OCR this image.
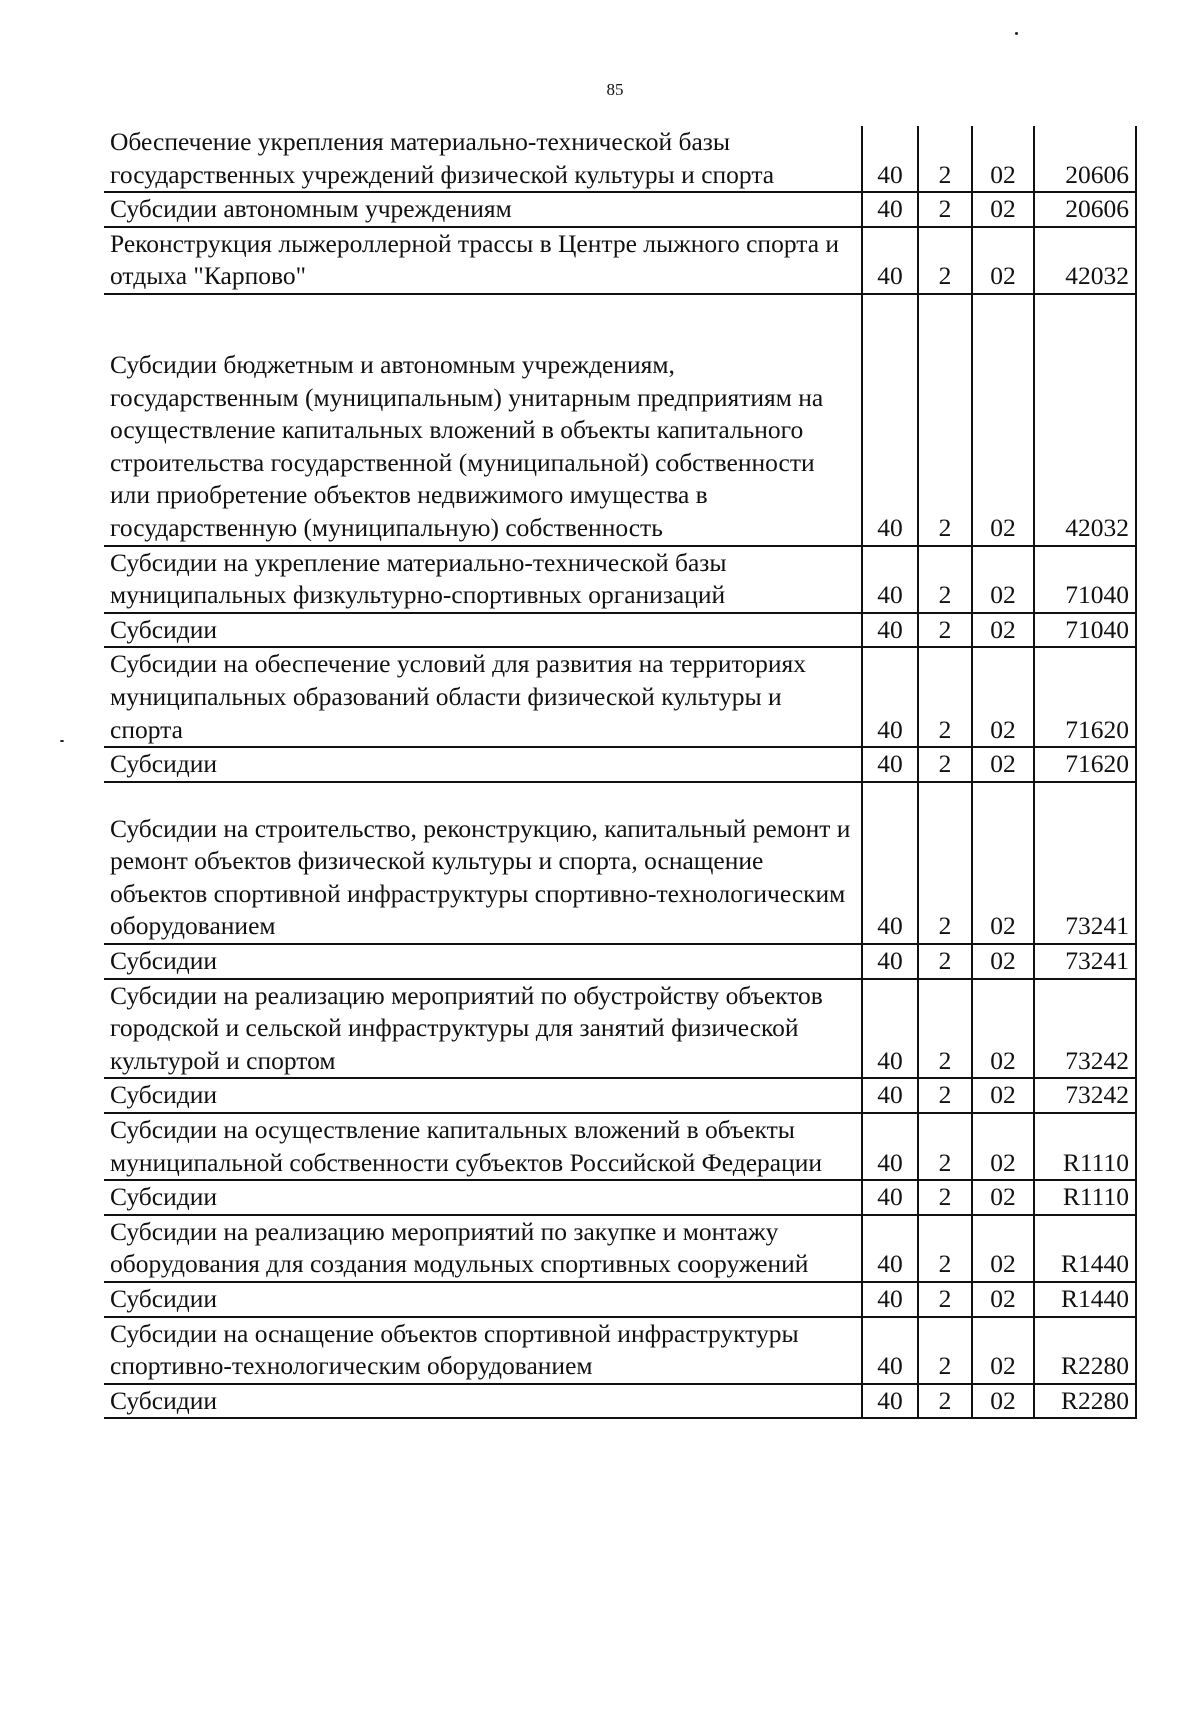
85
Обеспечение укрепления материально-технической базы государственных учреждений физической культуры и спорта	40	2	02	20606
Субсидии автономным учреждениям	40	2	02	20606
Реконструкция лыжероллерной трассы в Центре лыжного спорта и отдыха "Карпово"	40	2	02	42032
Субсидии бюджетным и автономным учреждениям, государственным (муниципальным) унитарным предприятиям на осуществление капитальных вложений в объекты капитального строительства государственной (муниципальной) собственности или приобретение объектов недвижимого имущества в государственную (муниципальную) собственность	40	2	02	42032
Субсидии на укрепление материально-технической базы муниципальных физкультурно-спортивных организаций	40	2	02	71040
Субсидии	40	2	02	71040
Субсидии на обеспечение условий для развития на территориях муниципальных образований области физической культуры и спорта	40	2	02	71620
Субсидии	40	2	02	71620
Субсидии на строительство, реконструкцию, капитальный ремонт и ремонт объектов физической культуры и спорта, оснащение объектов спортивной инфраструктуры спортивно-технологическим оборудованием	40	2	02	73241
Субсидии	40	2	02	73241
Субсидии на реализацию мероприятий по обустройству объектов городской и сельской инфраструктуры для занятий физической культурой и спортом	40	2	02	73242
Субсидии	40	2	02	73242
Субсидии на осуществление капитальных вложений в объекты муниципальной собственности субъектов Российской Федерации	40	2	02	R1110
Субсидии	40	2	02	R1110
Субсидии на реализацию мероприятий по закупке и монтажу оборудования для создания модульных спортивных сооружений	40	2	02	R1440
Субсидии	40	2	02	R1440
Субсидии на оснащение объектов спортивной инфраструктуры спортивно-технологическим оборудованием	40	2	02	R2280
Субсидии	40	2	02	R2280
